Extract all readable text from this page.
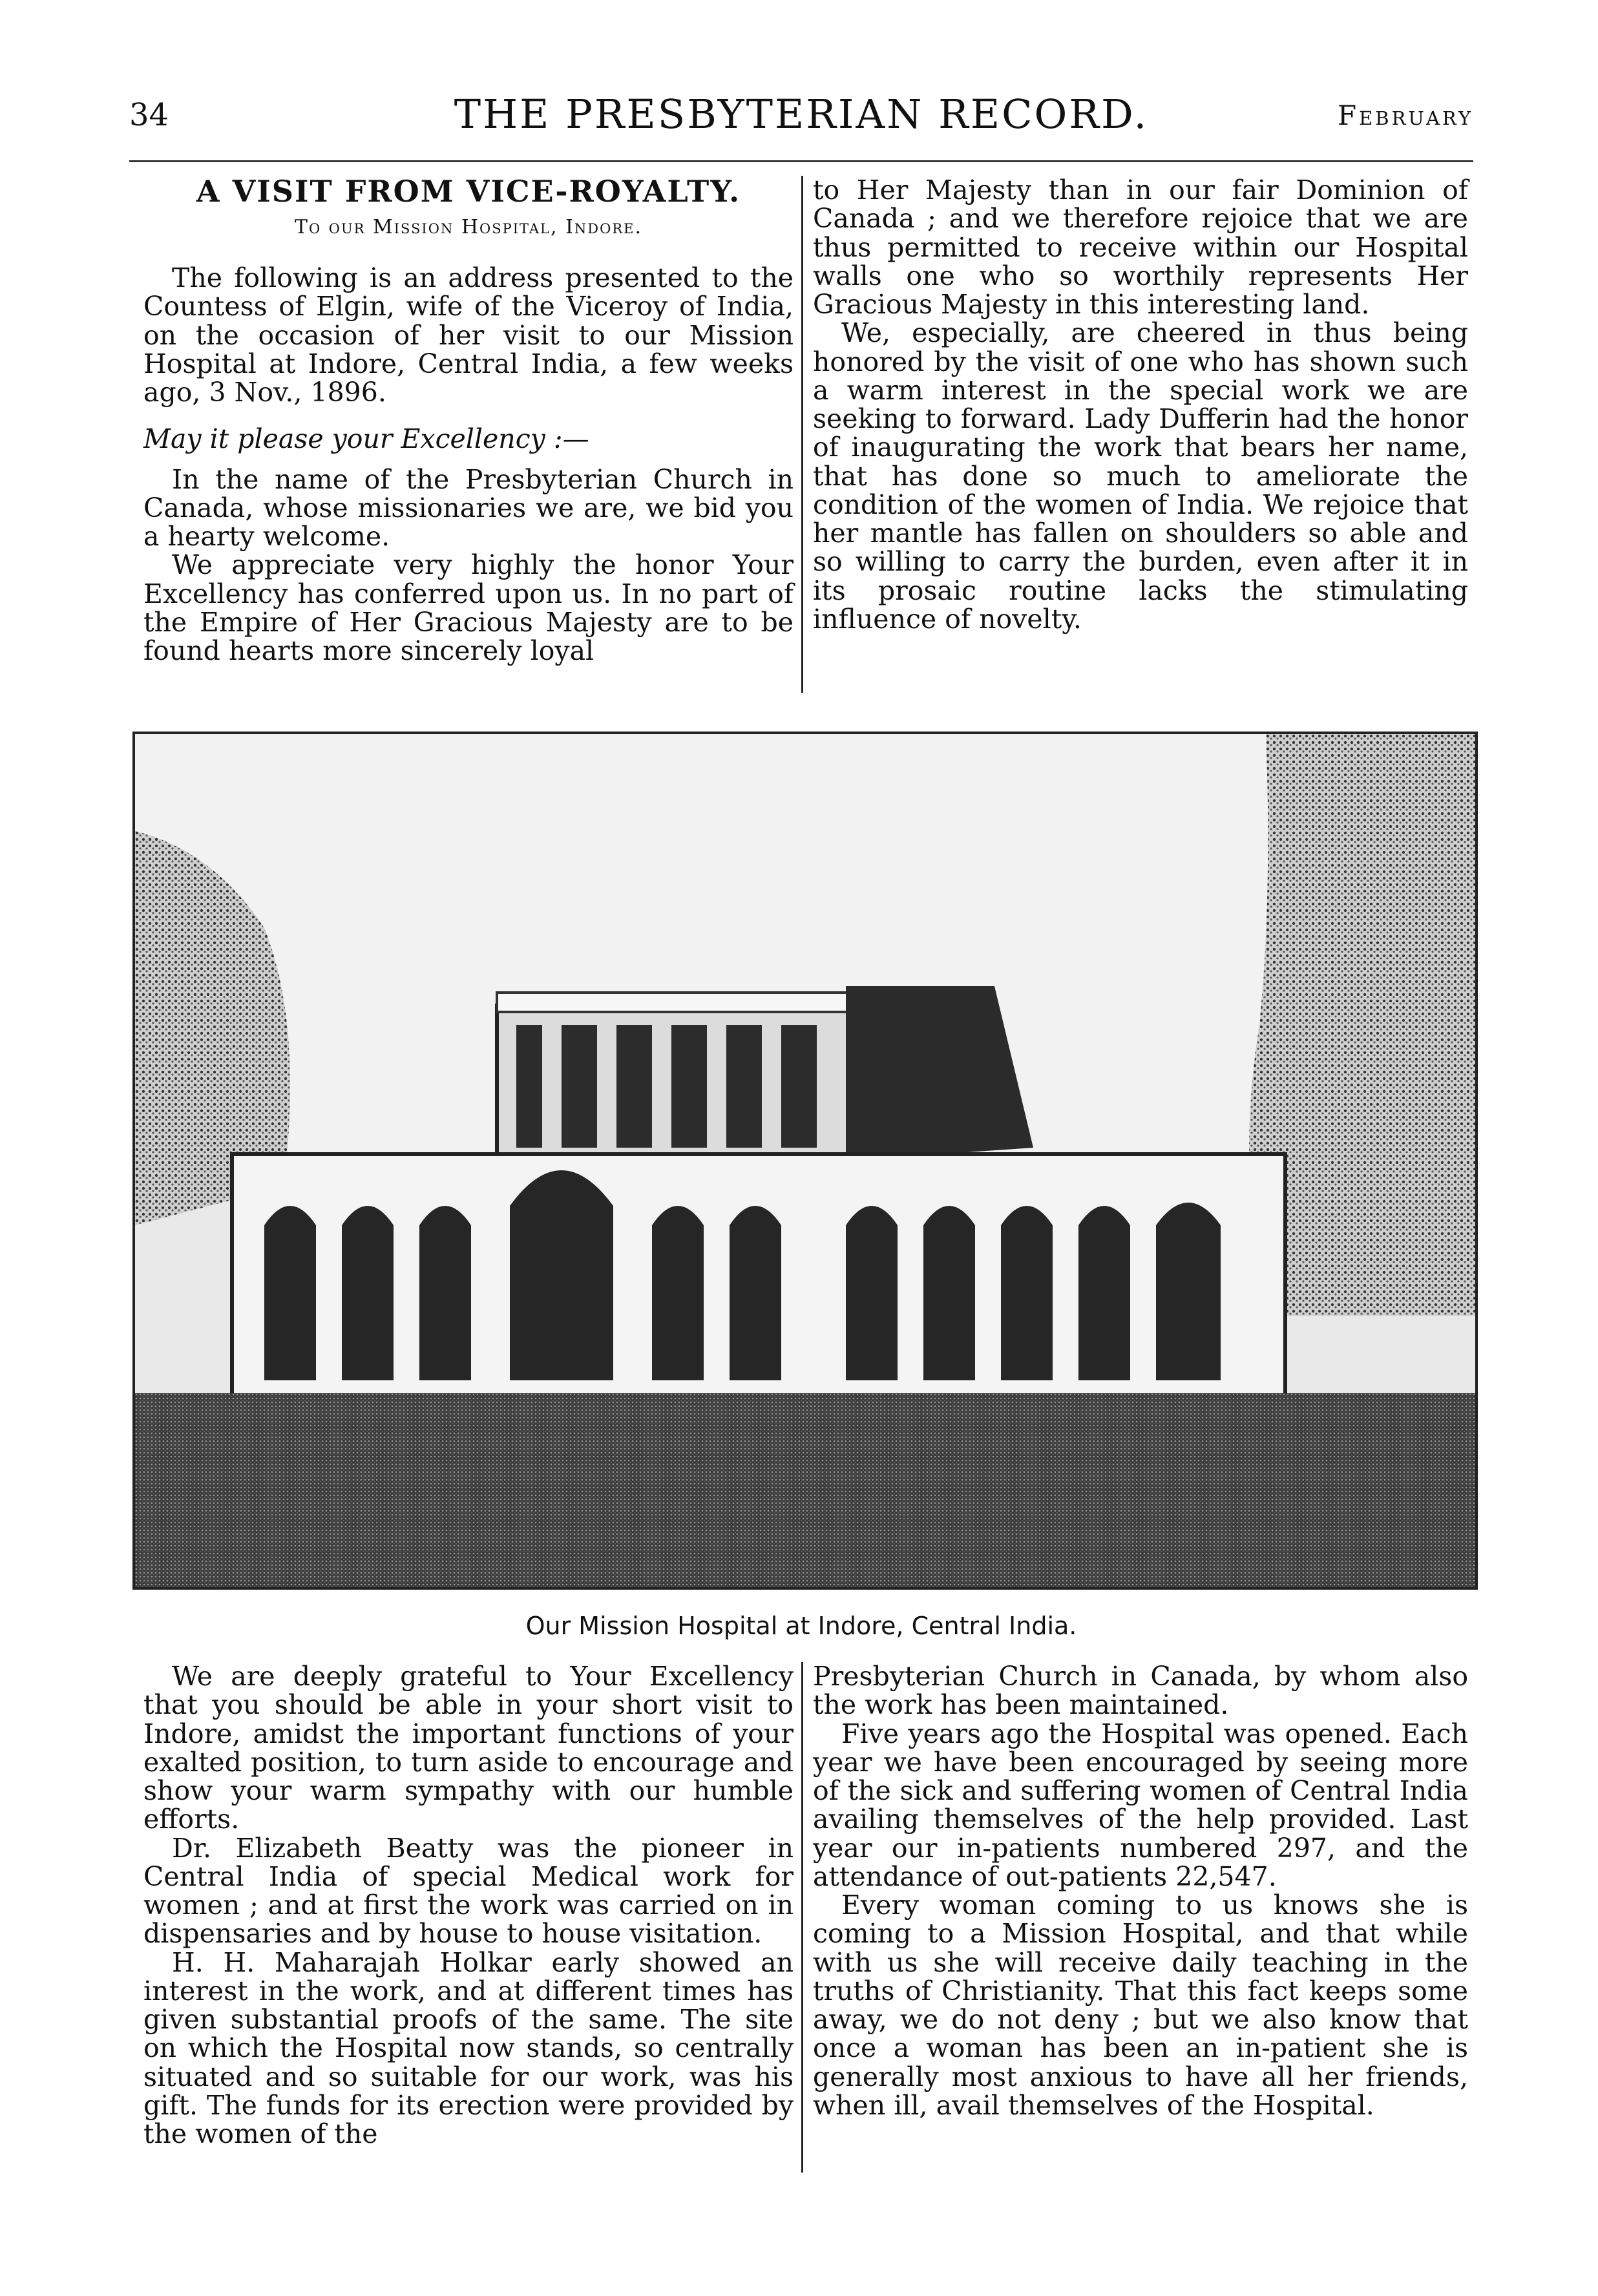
34	THE PRESBYTERIAN RECORD.	February
A VISIT FROM VICE-ROYALTY.
To our Mission Hospital, Indore.

The following is an address presented to the Countess of Elgin, wife of the Viceroy of India, on the occasion of her visit to our Mission Hospital at Indore, Central India, a few weeks ago, 3 Nov., 1896.

May it please your Excellency :—

In the name of the Presbyterian Church in Canada, whose missionaries we are, we bid you a hearty welcome.

We appreciate very highly the honor Your Excellency has conferred upon us. In no part of the Empire of Her Gracious Majesty are to be found hearts more sincerely loyal

to Her Majesty than in our fair Dominion of Canada ; and we therefore rejoice that we are thus permitted to receive within our Hospital walls one who so worthily represents Her Gracious Majesty in this interesting land.

We, especially, are cheered in thus being honored by the visit of one who has shown such a warm interest in the special work we are seeking to forward. Lady Dufferin had the honor of inaugurating the work that bears her name, that has done so much to ameliorate the condition of the women of India. We rejoice that her mantle has fallen on shoulders so able and so willing to carry the burden, even after it in its prosaic routine lacks the stimulating influence of novelty.

Our Mission Hospital at Indore, Central India.

We are deeply grateful to Your Excellency that you should be able in your short visit to Indore, amidst the important functions of your exalted position, to turn aside to encourage and show your warm sympathy with our humble efforts.

Dr. Elizabeth Beatty was the pioneer in Central India of special Medical work for women ; and at first the work was carried on in dispensaries and by house to house visitation.

H. H. Maharajah Holkar early showed an interest in the work, and at different times has given substantial proofs of the same. The site on which the Hospital now stands, so centrally situated and so suitable for our work, was his gift. The funds for its erection were provided by the women of the

Presbyterian Church in Canada, by whom also the work has been maintained.

Five years ago the Hospital was opened. Each year we have been encouraged by seeing more of the sick and suffering women of Central India availing themselves of the help provided. Last year our in-patients numbered 297, and the attendance of out-patients 22,547.

Every woman coming to us knows she is coming to a Mission Hospital, and that while with us she will receive daily teaching in the truths of Christianity. That this fact keeps some away, we do not deny ; but we also know that once a woman has been an in-patient she is generally most anxious to have all her friends, when ill, avail themselves of the Hospital.
